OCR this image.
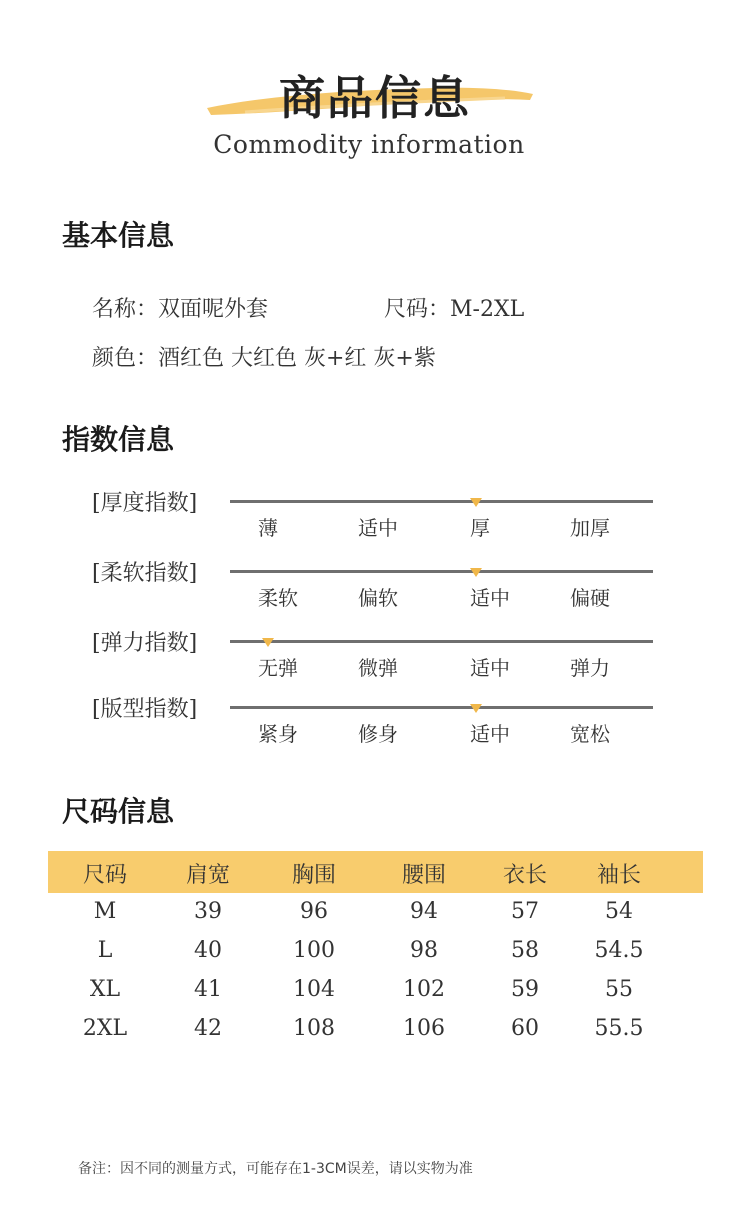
商品信息
Commodity information
基本信息
名称：双面呢外套	尺码：M-2XL
颜色：酒红色 大红色 灰+红 灰+紫
指数信息
[厚度指数]
薄	适中	厚	加厚
[柔软指数]
柔软	偏软	适中	偏硬
[弹力指数]
无弹	微弹	适中	弹力
[版型指数]
紧身	修身	适中	宽松
尺码信息
尺码	肩宽	胸围	腰围	衣长 袖长
M	39	96	94	57	54
L	40	100	98	58	54.5
XL	41	104	102	59	55
2XL	42	108	106	60	55.5
备注：因不同的测量方式，可能存在1-3CM误差，请以实物为准
